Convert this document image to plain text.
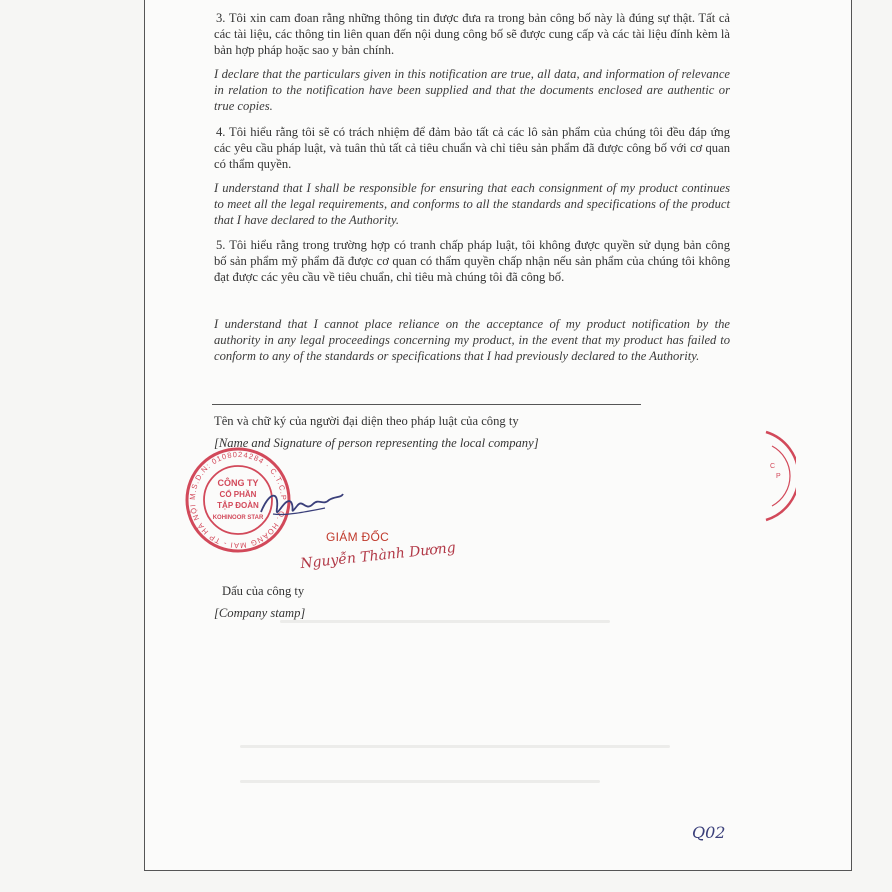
3. Tôi xin cam đoan rằng những thông tin được đưa ra trong bản công bố này là đúng sự thật. Tất cả các tài liệu, các thông tin liên quan đến nội dung công bố sẽ được cung cấp và các tài liệu đính kèm là bản hợp pháp hoặc sao y bản chính.
I declare that the particulars given in this notification are true, all data, and information of relevance in relation to the notification have been supplied and that the documents enclosed are authentic or true copies.
4. Tôi hiểu rằng tôi sẽ có trách nhiệm để đảm bảo tất cả các lô sản phẩm của chúng tôi đều đáp ứng các yêu cầu pháp luật, và tuân thủ tất cả tiêu chuẩn và chỉ tiêu sản phẩm đã được công bố với cơ quan có thẩm quyền.
I understand that I shall be responsible for ensuring that each consignment of my product continues to meet all the legal requirements, and conforms to all the standards and specifications of the product that I have declared to the Authority.
5. Tôi hiểu rằng trong trường hợp có tranh chấp pháp luật, tôi không được quyền sử dụng bản công bố sản phẩm mỹ phẩm đã được cơ quan có thẩm quyền chấp nhận nếu sản phẩm của chúng tôi không đạt được các yêu cầu về tiêu chuẩn, chỉ tiêu mà chúng tôi đã công bố.
I understand that I cannot place reliance on the acceptance of my product notification by the authority in any legal proceedings concerning my product, in the event that my product has failed to conform to any of the standards or specifications that I had previously declared to the Authority.
Tên và chữ ký của người đại diện theo pháp luật của công ty
[Name and Signature of person representing the local company]
M.S.D.N: 0108024284 · C.T.C.P · Q. HOÀNG MAI - TP HÀ NỘI
CÔNG TY
CỔ PHẦN
TẬP ĐOÀN
KOHINOOR STAR
C
P
GIÁM ĐỐC
Nguyễn Thành Dương
Dấu của công ty
[Company stamp]
Q02
